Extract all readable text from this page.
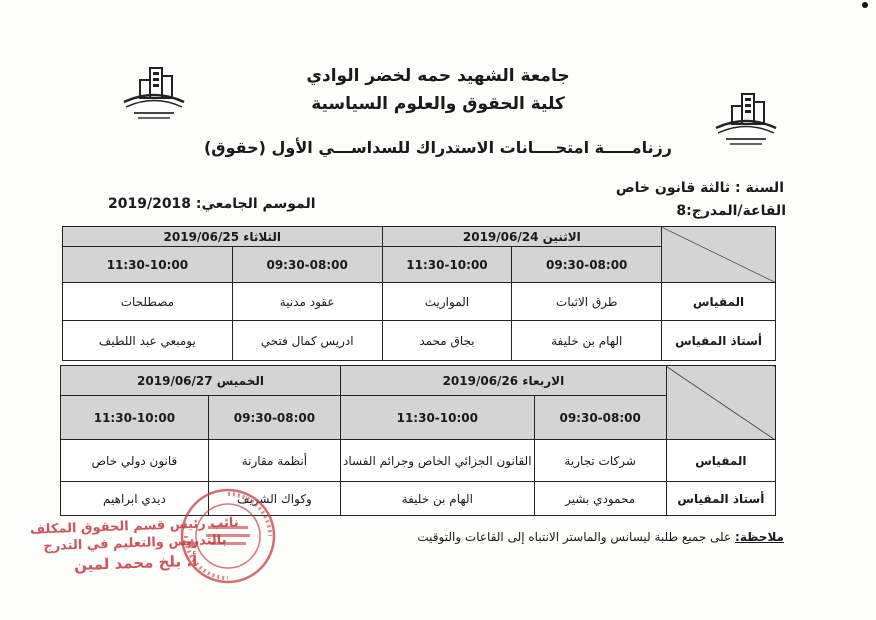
جامعة الشهيد حمه لخضر الوادي
كلية الحقوق والعلوم السياسية
رزنامـــــة امتحــــانات الاستدراك للسداســـي الأول (حقوق)
السنة : ثالثة قانون خاص
القاعة/المدرج:8
الموسم الجامعي: 2019/2018
	الاثنين 2019/06/24		الثلاثاء 2019/06/25	
	09:30-08:00	11:30-10:00	09:30-08:00	11:30-10:00
المقياس	طرق الاثبات	المواريث	عقود مدنية	مصطلحات
أستاذ المقياس	الهام بن خليفة	بجاق محمد	ادريس كمال فتحي	يومبعي عبد اللطيف
	الاربعاء 2019/06/26		الخميس 2019/06/27	
	09:30-08:00	11:30-10:00	09:30-08:00	11:30-10:00
المقياس	شركات تجارية	القانون الجزائي الخاص وجرائم الفساد	أنظمة مقارنة	قانون دولي خاص
أستاذ المقياس	محمودي بشير	الهام بن خليفة	وكواك الشريف	ديدي ابراهيم
ملاحظة: على جميع طلبة ليسانس والماستر الانتباه إلى القاعات والتوقيت
نائب رئيس قسم الحقوق المكلف
بالتدريس والتعليم في التدرج
أ. بلخ محمد لمين
